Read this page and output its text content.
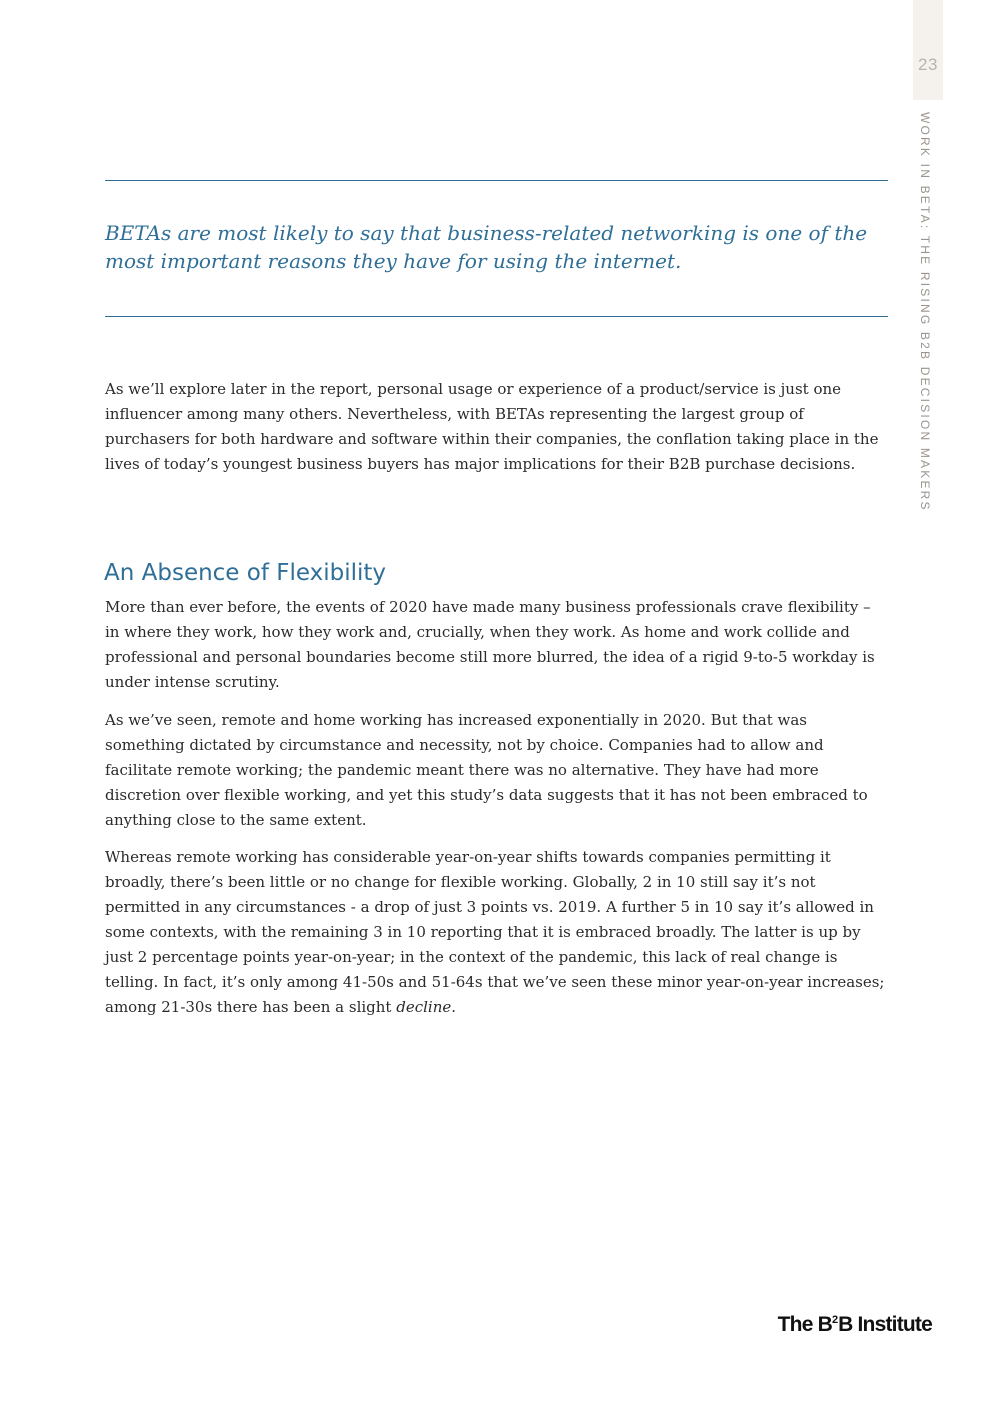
23
WORK IN BETA: THE RISING B2B DECISION MAKERS

BETAs are most likely to say that business-related networking is one of the most important reasons they have for using the internet.

As we’ll explore later in the report, personal usage or experience of a product/service is just one influencer among many others. Nevertheless, with BETAs representing the largest group of purchasers for both hardware and software within their companies, the conflation taking place in the lives of today’s youngest business buyers has major implications for their B2B purchase decisions.

An Absence of Flexibility

More than ever before, the events of 2020 have made many business professionals crave flexibility – in where they work, how they work and, crucially, when they work. As home and work collide and professional and personal boundaries become still more blurred, the idea of a rigid 9-to-5 workday is under intense scrutiny.

As we’ve seen, remote and home working has increased exponentially in 2020. But that was something dictated by circumstance and necessity, not by choice. Companies had to allow and facilitate remote working; the pandemic meant there was no alternative. They have had more discretion over flexible working, and yet this study’s data suggests that it has not been embraced to anything close to the same extent.

Whereas remote working has considerable year-on-year shifts towards companies permitting it broadly, there’s been little or no change for flexible working. Globally, 2 in 10 still say it’s not permitted in any circumstances - a drop of just 3 points vs. 2019. A further 5 in 10 say it’s allowed in some contexts, with the remaining 3 in 10 reporting that it is embraced broadly. The latter is up by just 2 percentage points year-on-year; in the context of the pandemic, this lack of real change is telling. In fact, it’s only among 41-50s and 51-64s that we’ve seen these minor year-on-year increases; among 21-30s there has been a slight decline.

The $B^2B$ Institute
